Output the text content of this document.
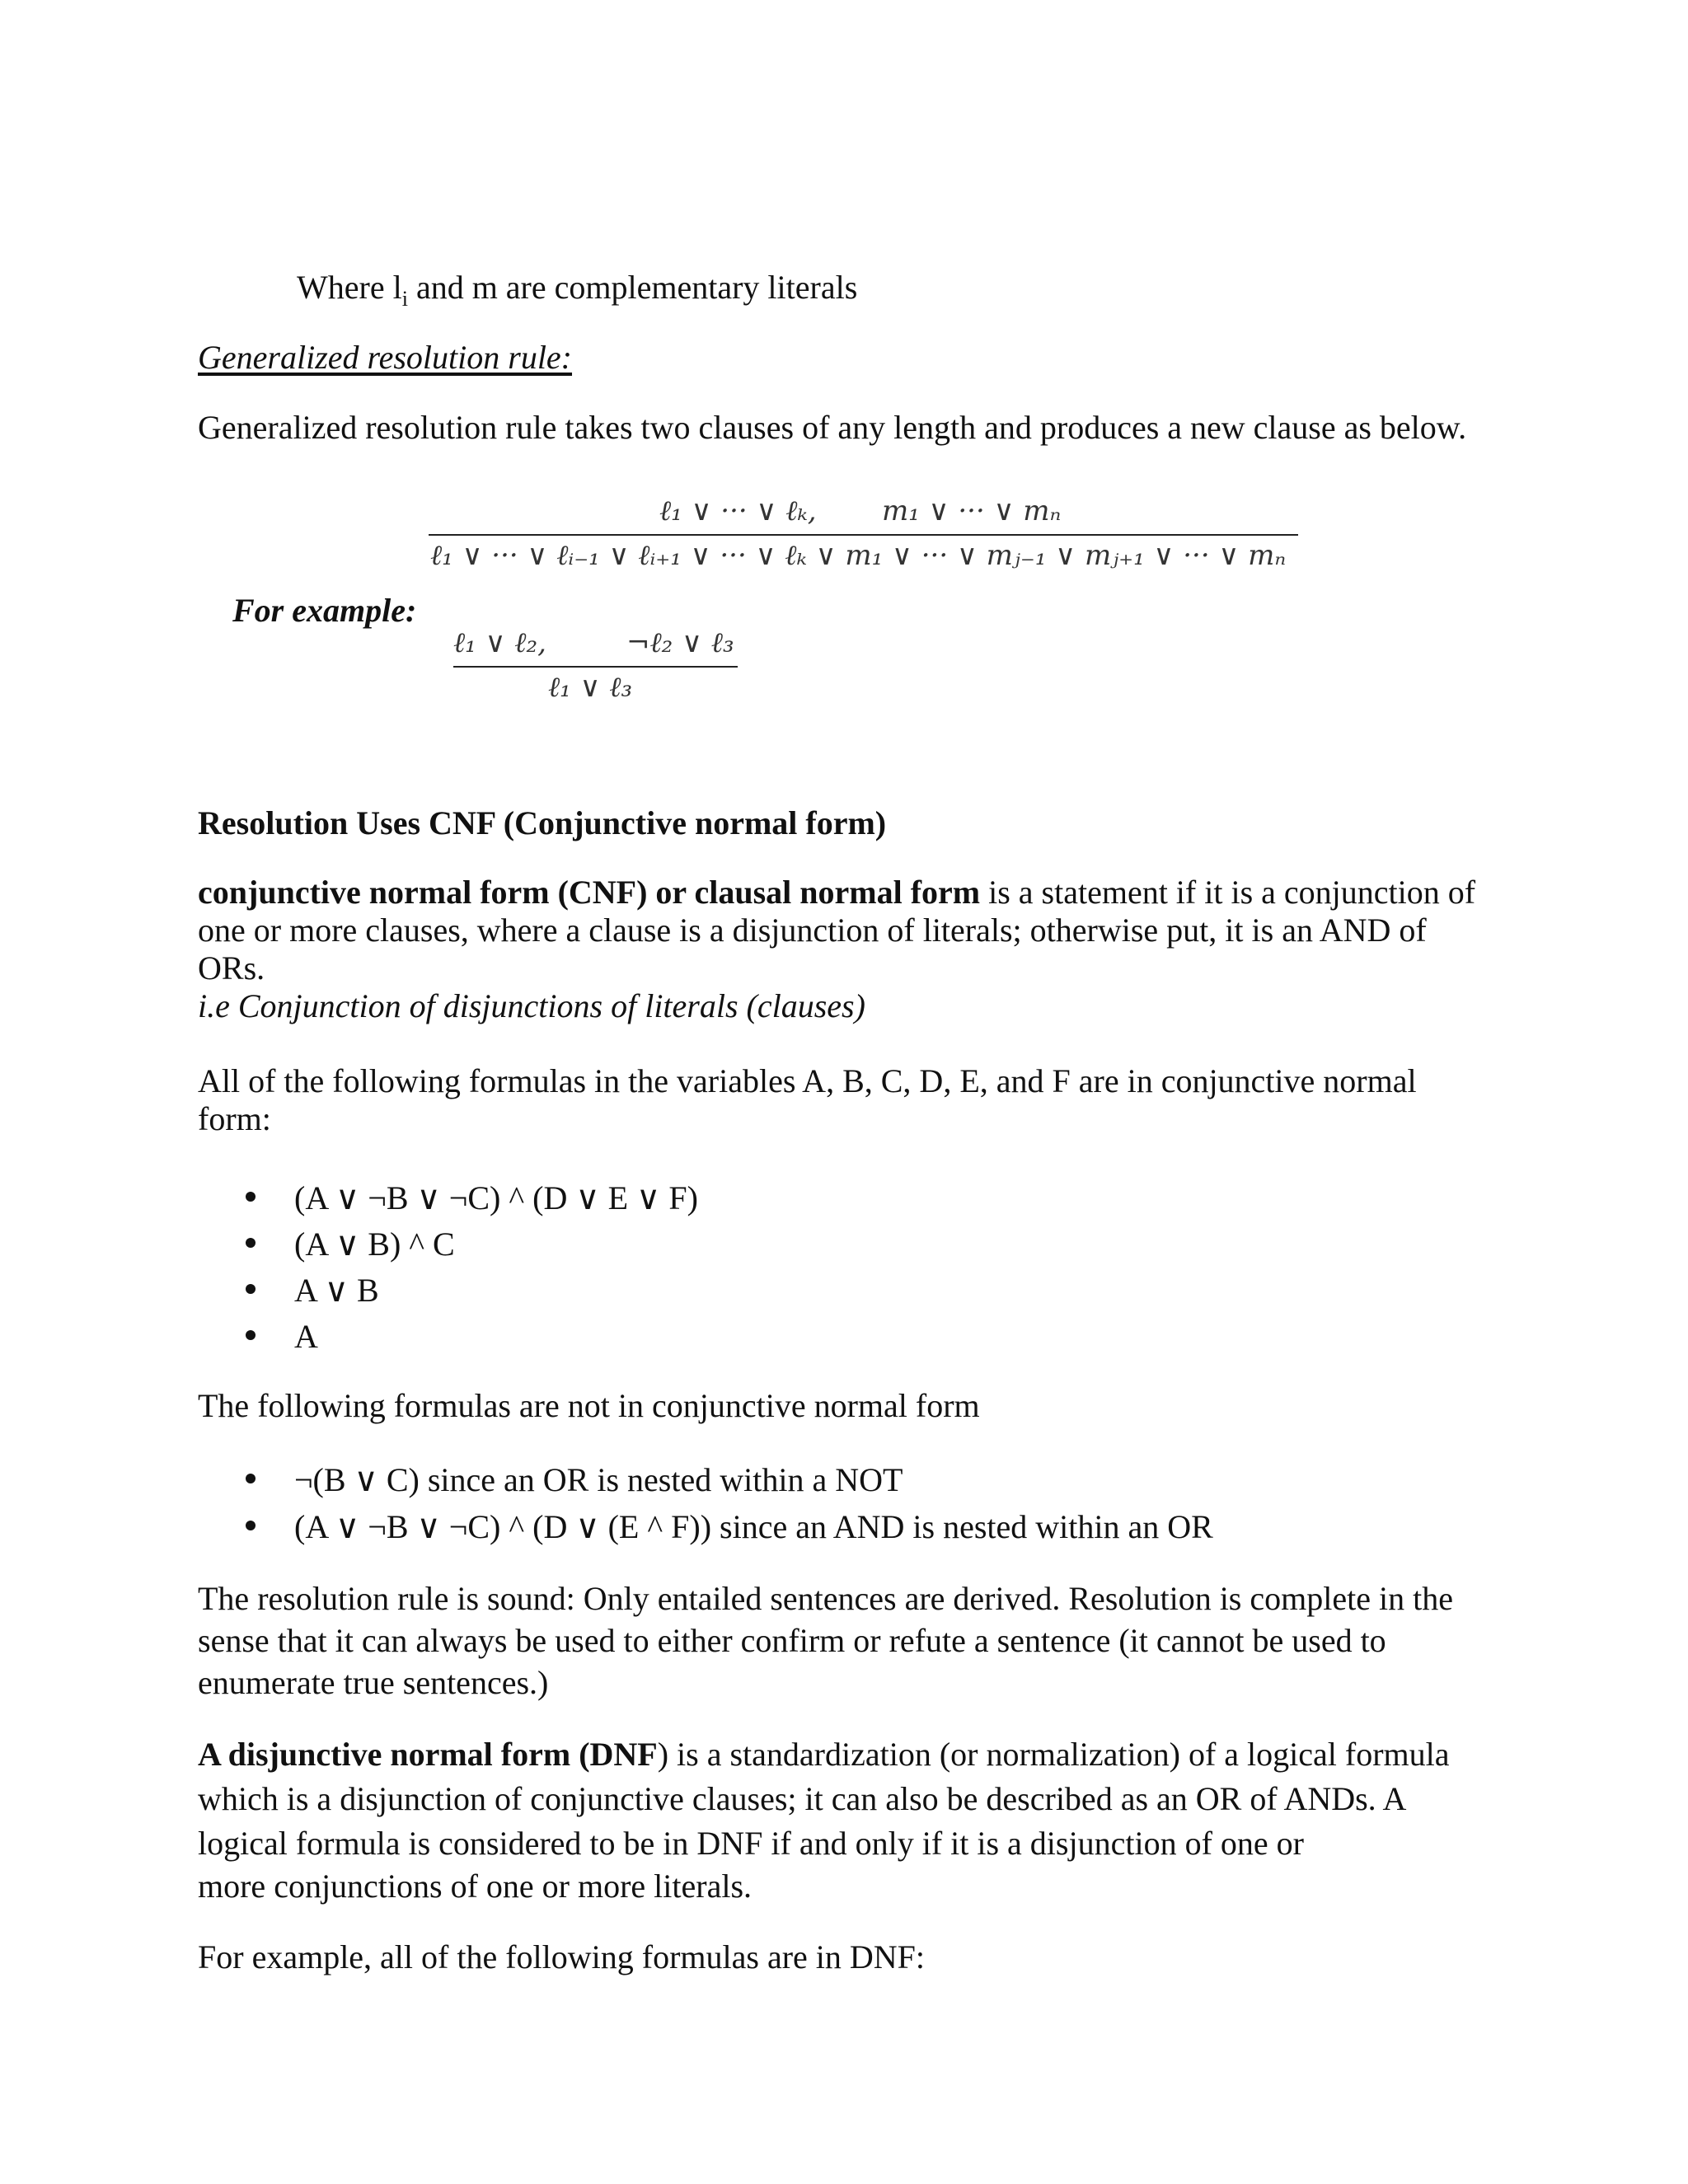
Where $l_i$ and m are complementary literals
Generalized resolution rule:
Generalized resolution rule takes two clauses of any length and produces a new clause as below.
ℓ₁ ∨ ··· ∨ ℓₖ, m₁ ∨ ··· ∨ mₙ
ℓ₁ ∨ ··· ∨ ℓᵢ₋₁ ∨ ℓᵢ₊₁ ∨ ··· ∨ ℓₖ ∨ m₁ ∨ ··· ∨ mⱼ₋₁ ∨ mⱼ₊₁ ∨ ··· ∨ mₙ
For example:
ℓ₁ ∨ ℓ₂,	¬ℓ₂ ∨ ℓ₃
ℓ₁ ∨ ℓ₃
Resolution Uses CNF (Conjunctive normal form)
conjunctive normal form (CNF) or clausal normal form is a statement if it is a conjunction of
one or more clauses, where a clause is a disjunction of literals; otherwise put, it is an AND of
ORs.
i.e Conjunction of disjunctions of literals (clauses)
All of the following formulas in the variables A, B, C, D, E, and F are in conjunctive normal
form:
(A ∨ ¬B ∨ ¬C) ^ (D ∨ E ∨ F)
(A ∨ B) ^ C
A ∨ B
A
The following formulas are not in conjunctive normal form
¬(B ∨ C) since an OR is nested within a NOT
(A ∨ ¬B ∨ ¬C) ^ (D ∨ (E ^ F)) since an AND is nested within an OR
The resolution rule is sound: Only entailed sentences are derived. Resolution is complete in the
sense that it can always be used to either confirm or refute a sentence (it cannot be used to
enumerate true sentences.)
A disjunctive normal form (DNF) is a standardization (or normalization) of a logical formula
which is a disjunction of conjunctive clauses; it can also be described as an OR of ANDs. A
logical formula is considered to be in DNF if and only if it is a disjunction of one or
more conjunctions of one or more literals.
For example, all of the following formulas are in DNF:
